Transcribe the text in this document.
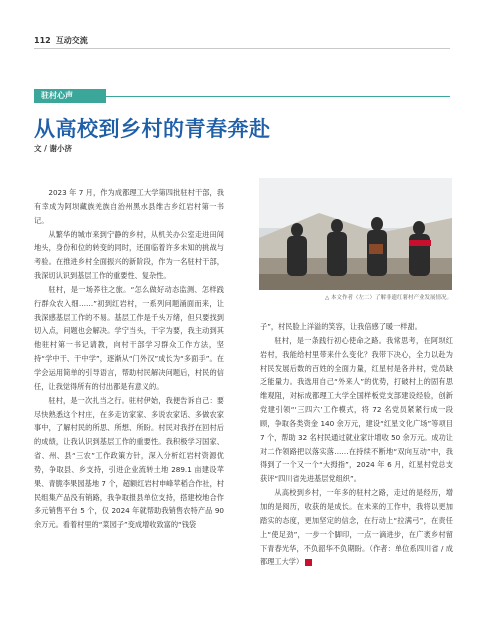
112 互动交流
驻村心声
从高校到乡村的青春奔赴
文 / 谢小济

2023 年 7 月，作为成都理工大学第四批驻村干部，我有幸成为阿坝藏族羌族自治州黑水县维古乡红岩村第一书记。

从繁华的城市来到宁静的乡村，从机关办公室走进田间地头，身份和位的转变的同时，还面临着许多未知的挑战与考验。在推进乡村全面振兴的新阶段，作为一名驻村干部，我深切认识到基层工作的重要性、复杂性。

驻村，是一场荞往之旅。“怎么做好动态监测、怎样践行群众农入细……”初到红岩村，一系列问题涌面而来，让我深感基层工作的不易。基层工作是千头万绪，但只要找到切入点，问题也会解决。学宁当头，干字为要，我主动到其他驻村第一书记请教，向村干部学习群众工作方法，坚持“学中干、干中学”，逐渐从“门外汉”成长为“多面手”。在学会运用简单的引导语言，帮助村民解决问题后，村民的信任，让我觉得所有的付出都是有意义的。

驻村，是一次扎当之行。驻村伊始，我便告诉自己：要尽快熟悉这个村庄，在多走访家家、多说农家话、多做农家事中，了解村民的所思、所想、所盼。村民对我抒在回村后的成绩，让我认识到基层工作的重要性。我积极学习国家、省、州、县“三农”工作政策方针，深入分析红岩村资源优势，争取县、乡支持，引进企业流转土地 289.1 亩建设苹果、青脆李果园基地 7 个，超额红岩村申峰苹稻合作社，村民组集产品没有销路，我争取报县单位支持，搭建校地合作多元销售平台 5 个，仅 2024 年就帮助我销售农特产品 90 余万元。看着村里的“菜园子”变成增收致富的“钱袋

△ 本文作者（左二）了解非遗红薯村产业发展情况。

子”，村民脸上洋溢的笑容，让我倍感了暖一样甜。

驻村，是一条践行初心使命之路。我常思考，在阿坝红岩村，我能给村里带来什么变化？我带下决心，全力以赴为村民发展后数的百姓的全面力量，红星村是各并村，党员缺乏能量力。我选用自己“外来人”的优势，打破村上的固有思维观阻，对标成都理工大学全国样板党支部建设经验，创新党建引领“‘三四六’工作模式，将 72 名党员紧紧行成一段顾，争取各类资金 140 余万元，建设“红星文化广场”等项目 7 个，帮助 32 名村民通过就业家计增收 50 余万元。成功让对二作领路把以落实落……在持续不断地“双向互动”中，我得到了一个又一个“大拇指”，2024 年 6 月，红星村党总支获评“四川省先进基层党组织”。

从高校到乡村，一年多的驻村之路，走过的是经历，增加的是阅历，收获的是成长。在未来的工作中，我将以更加踏实的态度，更加坚定的信念，在行动上“拉满弓”，在责任上“使足劲”，一步一个脚印，一点一滴进步，在广袤乡村留下青春光华，不负韶华不负期盼。（作者：单位系四川省 / 成都理工大学）
